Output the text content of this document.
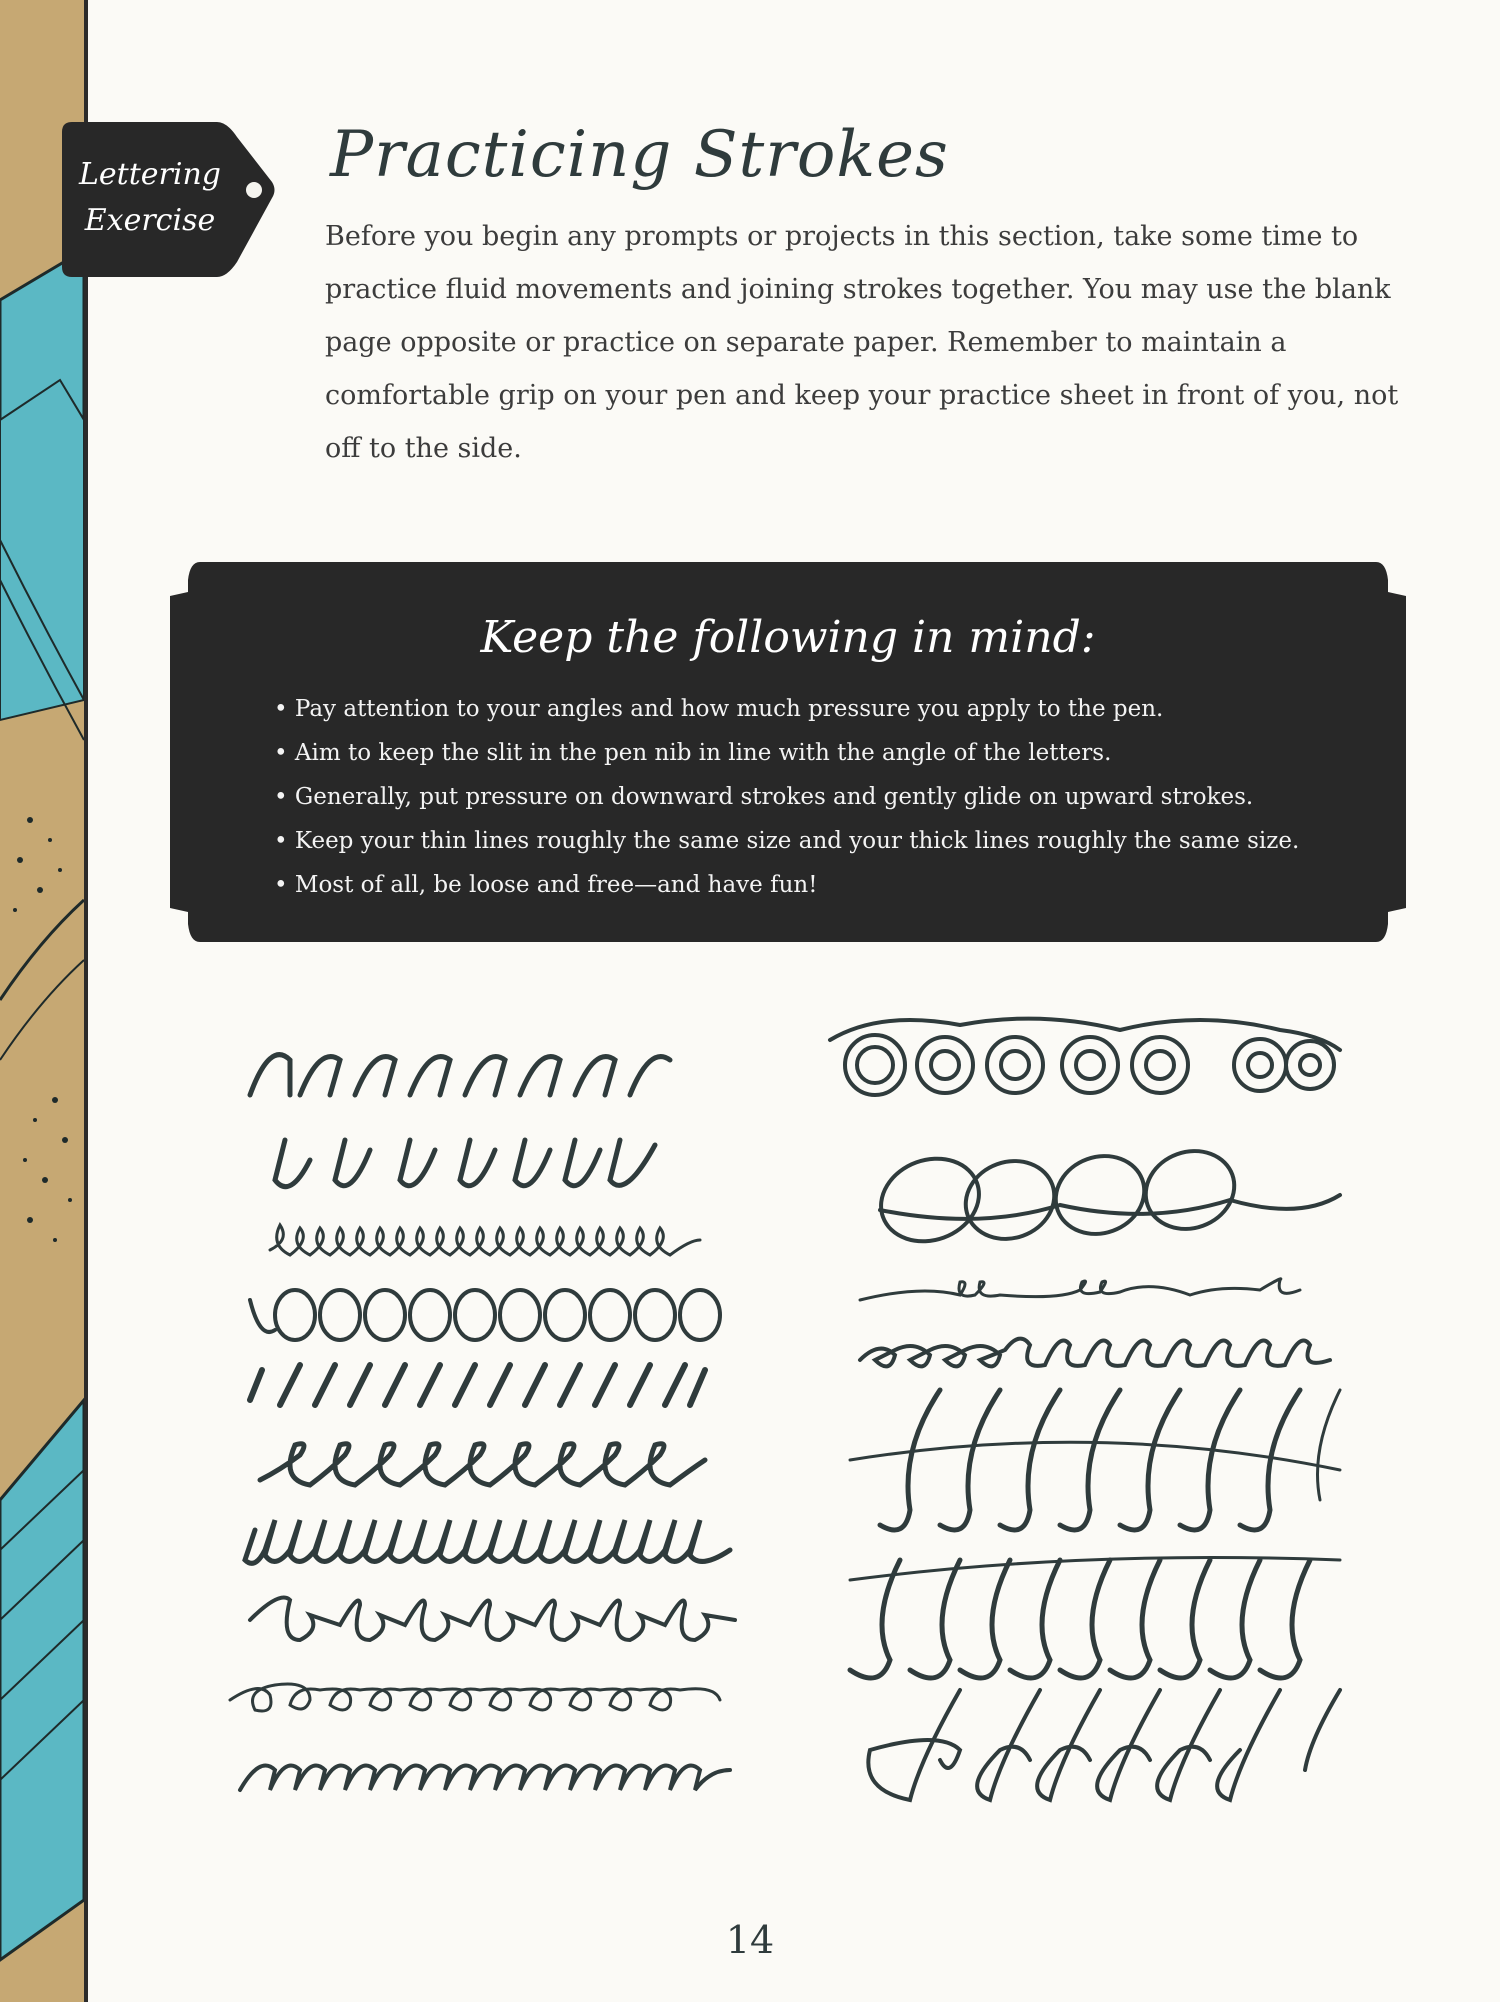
Lettering
Exercise
Practicing Strokes
Before you begin any prompts or projects in this section, take some time to practice fluid movements and joining strokes together. You may use the blank page opposite or practice on separate paper. Remember to maintain a comfortable grip on your pen and keep your practice sheet in front of you, not off to the side.
Keep the following in mind:
• Pay attention to your angles and how much pressure you apply to the pen.
• Aim to keep the slit in the pen nib in line with the angle of the letters.
• Generally, put pressure on downward strokes and gently glide on upward strokes.
• Keep your thin lines roughly the same size and your thick lines roughly the same size.
• Most of all, be loose and free—and have fun!
14
